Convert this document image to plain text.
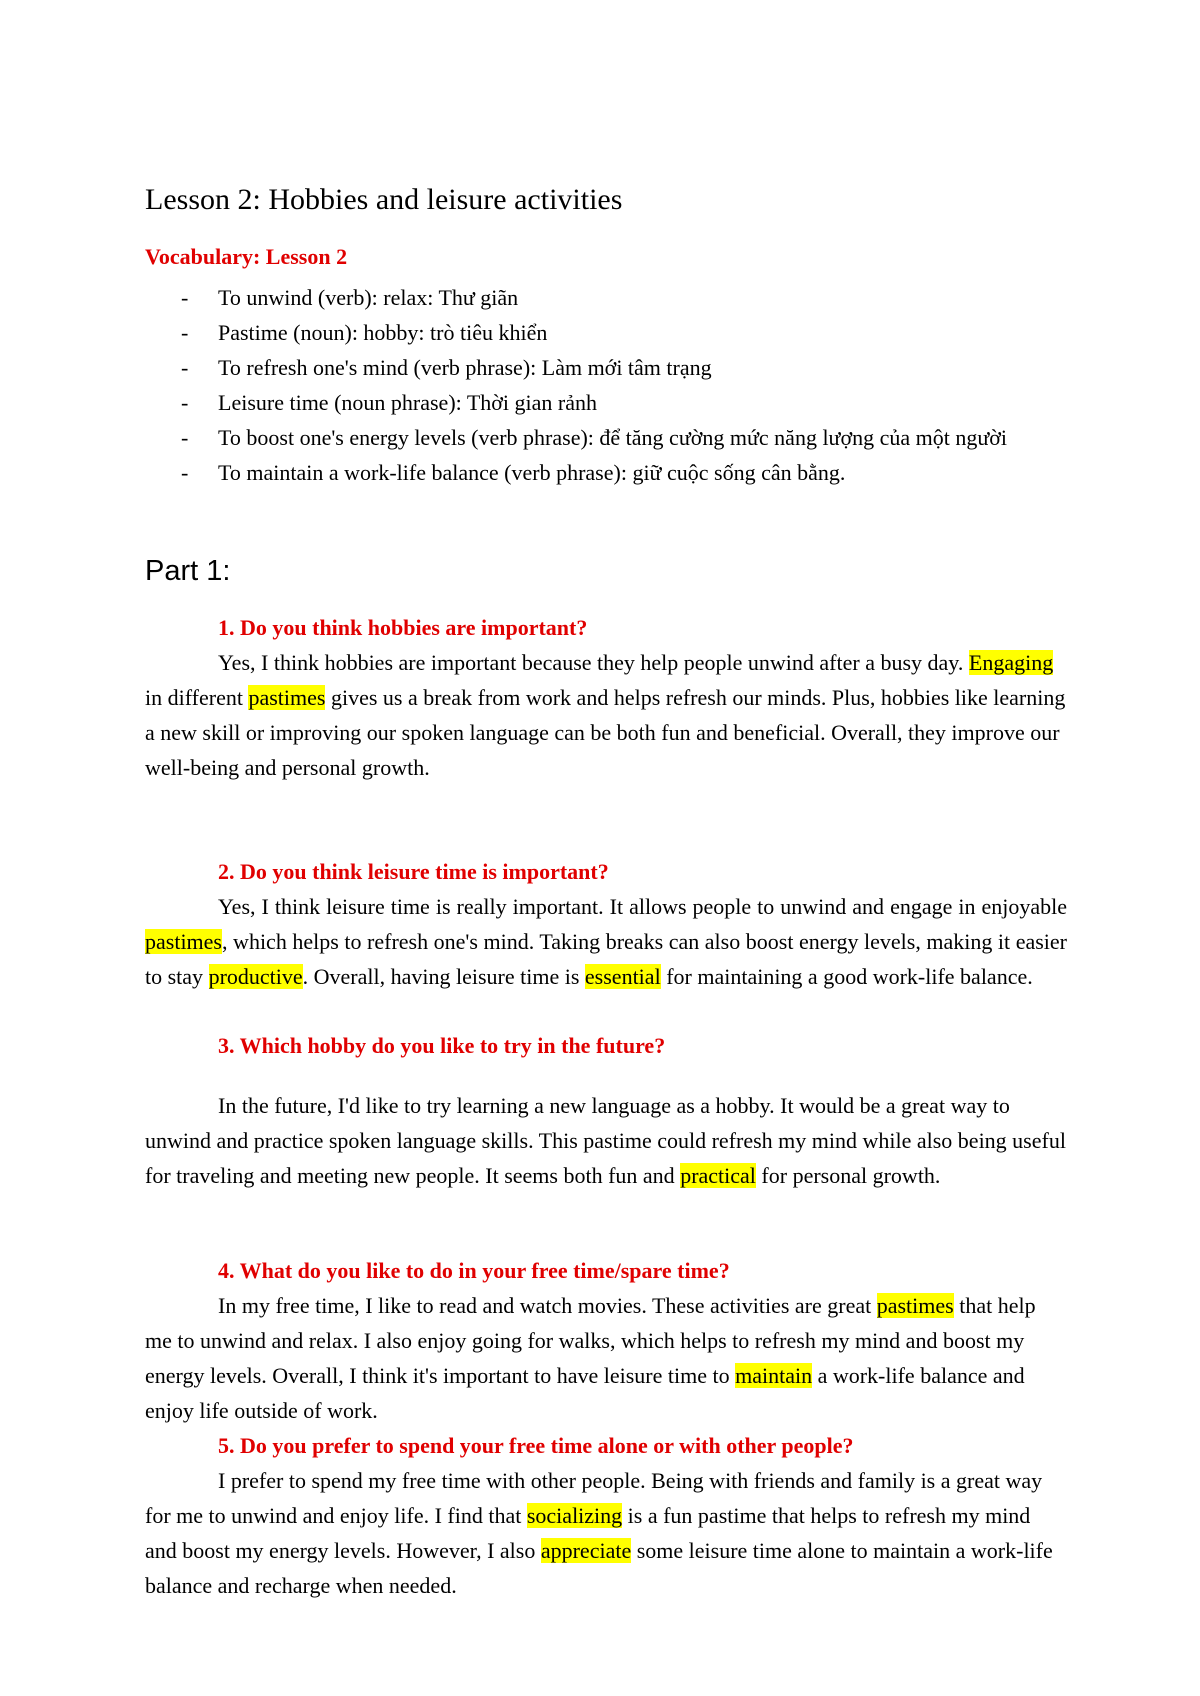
Lesson 2: Hobbies and leisure activities
Vocabulary: Lesson 2
- To unwind (verb): relax: Thư giãn
- Pastime (noun): hobby: trò tiêu khiển
- To refresh one's mind (verb phrase): Làm mới tâm trạng
- Leisure time (noun phrase): Thời gian rảnh
- To boost one's energy levels (verb phrase): để tăng cường mức năng lượng của một người
- To maintain a work-life balance (verb phrase): giữ cuộc sống cân bằng.
Part 1:

1. Do you think hobbies are important?

Yes, I think hobbies are important because they help people unwind after a busy day. Engaging in different pastimes gives us a break from work and helps refresh our minds. Plus, hobbies like learning a new skill or improving our spoken language can be both fun and beneficial. Overall, they improve our well-being and personal growth.

2. Do you think leisure time is important?

Yes, I think leisure time is really important. It allows people to unwind and engage in enjoyable pastimes, which helps to refresh one's mind. Taking breaks can also boost energy levels, making it easier to stay productive. Overall, having leisure time is essential for maintaining a good work-life balance.

3. Which hobby do you like to try in the future?

In the future, I'd like to try learning a new language as a hobby. It would be a great way to unwind and practice spoken language skills. This pastime could refresh my mind while also being useful for traveling and meeting new people. It seems both fun and practical for personal growth.

4. What do you like to do in your free time/spare time?

In my free time, I like to read and watch movies. These activities are great pastimes that help me to unwind and relax. I also enjoy going for walks, which helps to refresh my mind and boost my energy levels. Overall, I think it's important to have leisure time to maintain a work-life balance and enjoy life outside of work.

5. Do you prefer to spend your free time alone or with other people?

I prefer to spend my free time with other people. Being with friends and family is a great way for me to unwind and enjoy life. I find that socializing is a fun pastime that helps to refresh my mind and boost my energy levels. However, I also appreciate some leisure time alone to maintain a work-life balance and recharge when needed.
